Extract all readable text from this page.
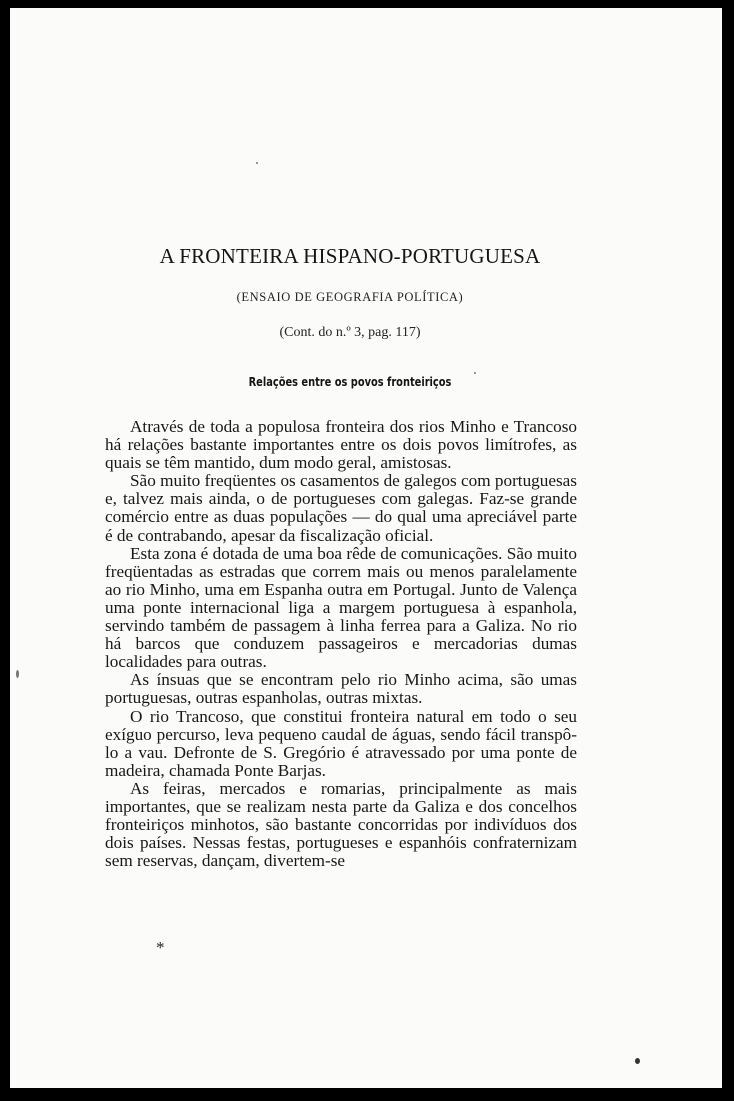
A FRONTEIRA HISPANO-PORTUGUESA
(ENSAIO DE GEOGRAFIA POLÍTICA)
(Cont. do n.º 3, pag. 117)
Relações entre os povos fronteiriços

Através de toda a populosa fronteira dos rios Minho e Trancoso há relações bastante importantes entre os dois povos limítrofes, as quais se têm mantido, dum modo geral, amistosas.

São muito freqüentes os casamentos de galegos com portuguesas e, talvez mais ainda, o de portugueses com galegas. Faz-se grande comércio entre as duas populações — do qual uma apreciável parte é de contrabando, apesar da fiscalização oficial.

Esta zona é dotada de uma boa rêde de comunicações. São muito freqüentadas as estradas que correm mais ou menos paralelamente ao rio Minho, uma em Espanha outra em Portugal. Junto de Valença uma ponte internacional liga a margem portuguesa à espanhola, servindo também de passagem à linha ferrea para a Galiza. No rio há barcos que conduzem passageiros e mercadorias dumas localidades para outras.

As ínsuas que se encontram pelo rio Minho acima, são umas portuguesas, outras espanholas, outras mixtas.

O rio Trancoso, que constitui fronteira natural em todo o seu exíguo percurso, leva pequeno caudal de águas, sendo fácil transpô-lo a vau. Defronte de S. Gregório é atravessado por uma ponte de madeira, chamada Ponte Barjas.

As feiras, mercados e romarias, principalmente as mais importantes, que se realizam nesta parte da Galiza e dos concelhos fronteiriços minhotos, são bastante concorridas por indivíduos dos dois países. Nessas festas, portugueses e espanhóis confraternizam sem reservas, dançam, divertem-se

*
